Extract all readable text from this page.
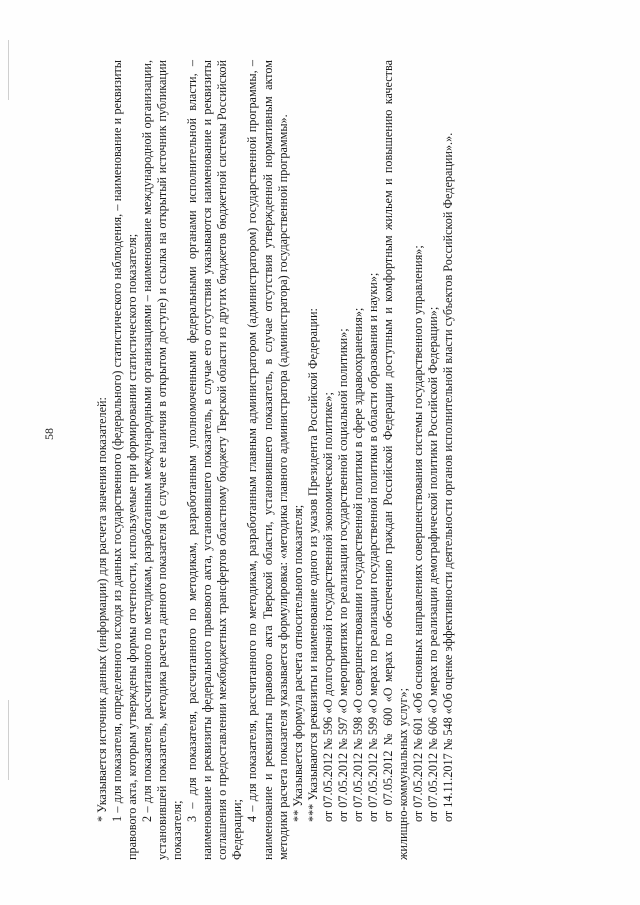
58	* Указывается источник данных (информации) для расчета значения показателей: 1 – для показателя, определенного исходя из данных государственного (федерального) статистического наблюдения, – наименование и реквизиты правового акта, которым утверждены формы отчетности, используемые при формировании статистического показателя; 2 – для показателя, рассчитанного по методикам, разработанным международными организациями – наименование международной организации, установившей показатель, методика расчета данного показателя (в случае ее наличия в открытом доступе) и ссылка на открытый источник публикации показателя;

3 – для показателя, рассчитанного по методикам, разработанным уполномоченными федеральными органами исполнительной власти, – наименование и реквизиты федерального правового акта, установившего показатель, в случае его отсутствия указываются наименование и реквизиты соглашения о предоставлении межбюджетных трансфертов областному бюджету Тверской области из других бюджетов бюджетной системы Российской Федерации;

4 – для показателя, рассчитанного по методикам, разработанным главным администратором (администратором) государственной программы, – наименование и реквизиты правового акта Тверской области, установившего показатель, в случае отсутствия утвержденной нормативным актом методики расчета показателя указывается формулировка: «методика главного администратора (администратора) государственной программы». ** Указывается формула расчета относительного показателя; *** Указываются реквизиты и наименование одного из указов Президента Российской Федерации: от 07.05.2012 № 596 «О долгосрочной государственной экономической политике»; от 07.05.2012 № 597 «О мероприятиях по реализации государственной социальной политики»; от 07.05.2012 № 598 «О совершенствовании государственной политики в сфере здравоохранения»; от 07.05.2012 № 599 «О мерах по реализации государственной политики в области образования и науки»; от 07.05.2012 № 600 «О мерах по обеспечению граждан Российской Федерации доступным и комфортным жильем и повышению качества жилищно-коммунальных услуг»; от 07.05.2012 № 601 «Об основных направлениях совершенствования системы государственного управления»; от 07.05.2012 № 606 «О мерах по реализации демографической политики Российской Федерации»; от 14.11.2017 № 548 «Об оценке эффективности деятельности органов исполнительной власти субъектов Российской Федерации».».
